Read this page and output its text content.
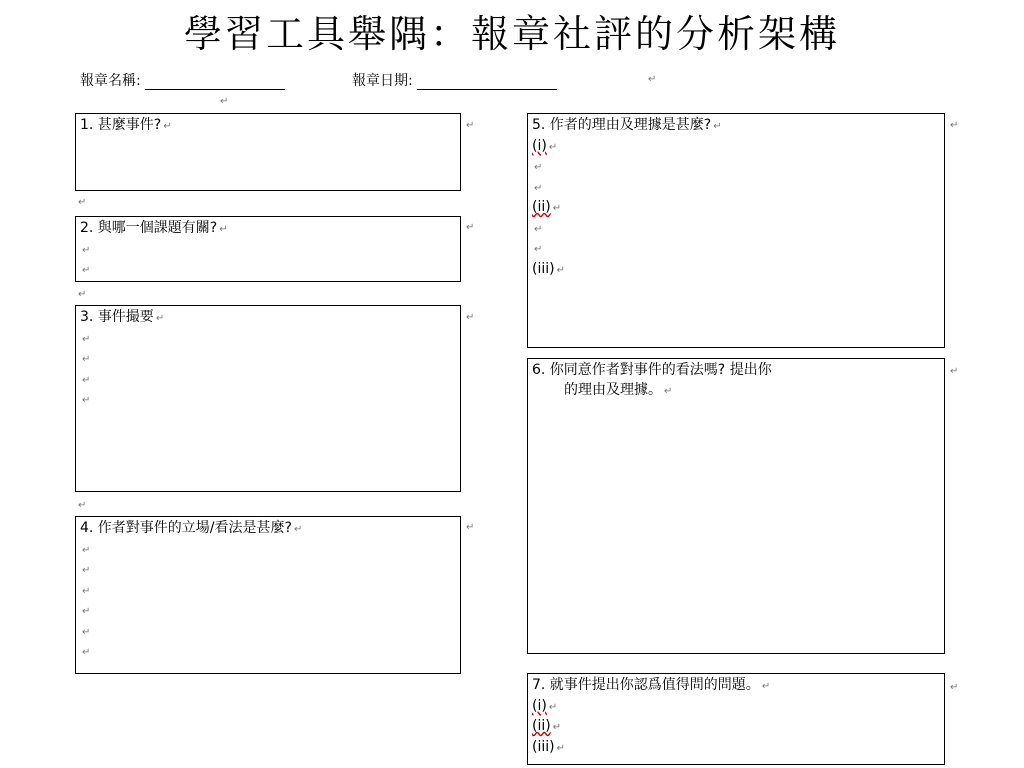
學習工具舉隅：報章社評的分析架構
報章名稱:	報章日期:	↵
↵
1. 甚麼事件? ↵	↵
↵
2. 與哪一個課題有關? ↵
↵
↵
↵
↵
3. 事件撮要 ↵
↵
↵
↵
↵
↵
↵
4. 作者對事件的立場/看法是甚麼? ↵
↵
↵
↵
↵
↵
↵
↵
5. 作者的理由及理據是甚麼? ↵
(i) ↵
↵
↵
(ii) ↵
↵
↵
(iii) ↵
↵
6. 你同意作者對事件的看法嗎? 提出你
的理由及理據。 ↵
↵
7. 就事件提出你認爲值得問的問題。 ↵
(i) ↵
(ii) ↵
(iii) ↵
↵
